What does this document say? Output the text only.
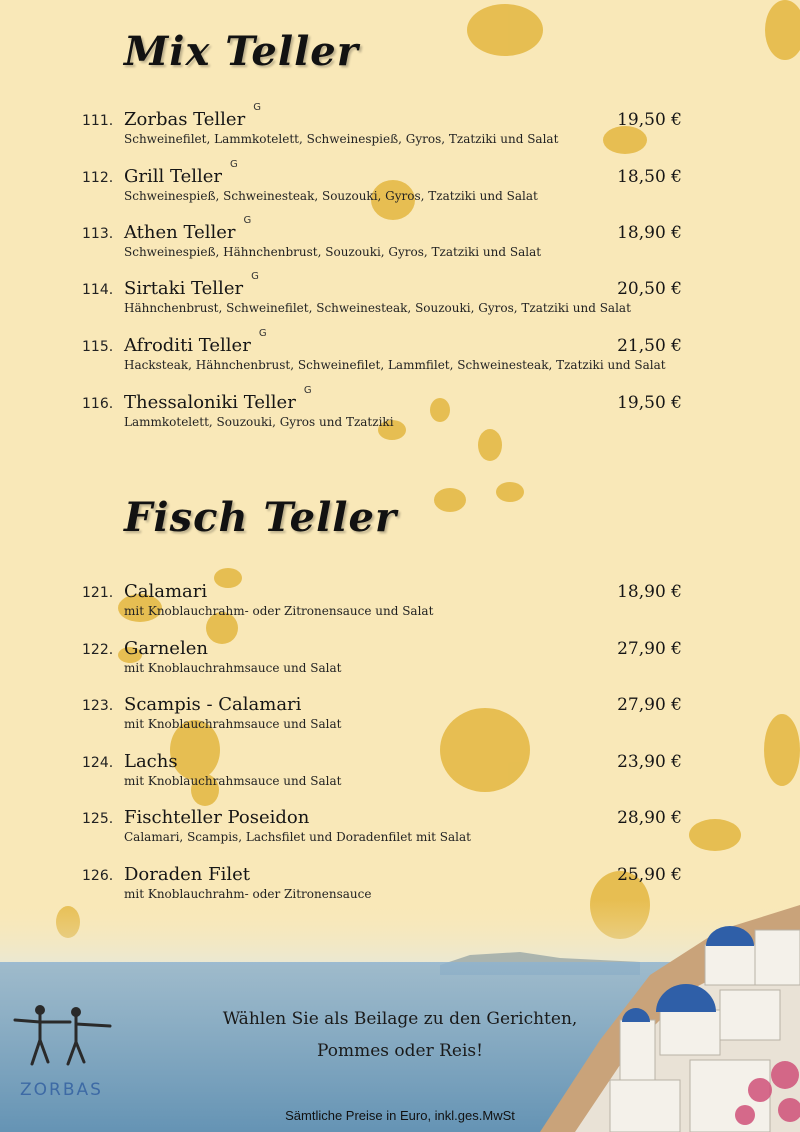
Mix Teller
111. Zorbas Teller$^G$
Schweinefilet, Lammkotelett, Schweinespieß, Gyros, Tzatziki und Salat
19,50 €
112. Grill Teller$^G$
Schweinespieß, Schweinesteak, Souzouki, Gyros, Tzatziki und Salat
18,50 €
113. Athen Teller$^G$
Schweinespieß, Hähnchenbrust, Souzouki, Gyros, Tzatziki und Salat
18,90 €
114. Sirtaki Teller$^G$
Hähnchenbrust, Schweinefilet, Schweinesteak, Souzouki, Gyros, Tzatziki und Salat
20,50 €
115. Afroditi Teller$^G$
Hacksteak, Hähnchenbrust, Schweinefilet, Lammfilet, Schweinesteak, Tzatziki und Salat
21,50 €
116. Thessaloniki Teller$^G$
Lammkotelett, Souzouki, Gyros und Tzatziki
19,50 €
Fisch Teller
121. Calamari
mit Knoblauchrahm- oder Zitronensauce und Salat
18,90 €
122. Garnelen
mit Knoblauchrahmsauce und Salat
27,90 €
123. Scampis - Calamari
mit Knoblauchrahmsauce und Salat
27,90 €
124. Lachs
mit Knoblauchrahmsauce und Salat
23,90 €
125. Fischteller Poseidon
Calamari, Scampis, Lachsfilet und Doradenfilet mit Salat
28,90 €
126. Doraden Filet
mit Knoblauchrahm- oder Zitronensauce
25,90 €

Wählen Sie als Beilage zu den Gerichten,

Pommes oder Reis!

ZORBAS

Sämtliche Preise in Euro, inkl.ges.MwSt
